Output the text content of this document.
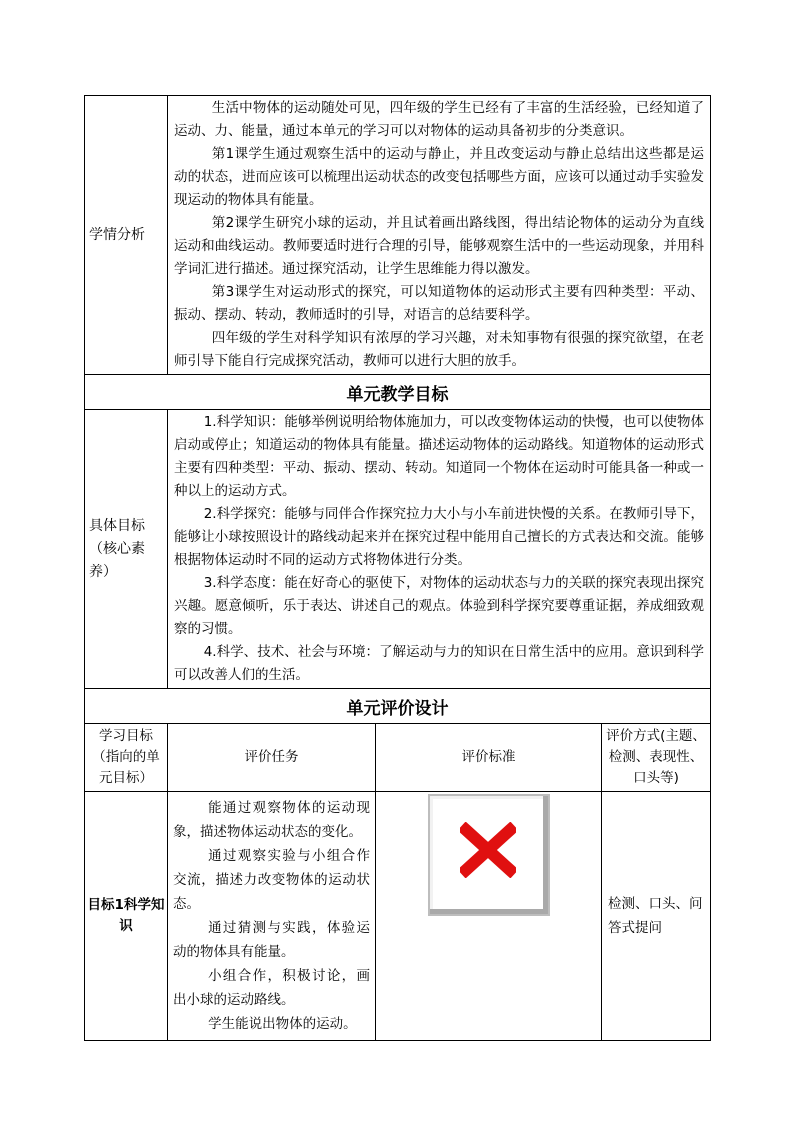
学情分析	生活中物体的运动随处可见，四年级的学生已经有了丰富的生活经验，已经知道了运动、力、能量，通过本单元的学习可以对物体的运动具备初步的分类意识。

第1课学生通过观察生活中的运动与静止，并且改变运动与静止总结出这些都是运动的状态，进而应该可以梳理出运动状态的改变包括哪些方面，应该可以通过动手实验发现运动的物体具有能量。

第2课学生研究小球的运动，并且试着画出路线图，得出结论物体的运动分为直线运动和曲线运动。教师要适时进行合理的引导，能够观察生活中的一些运动现象，并用科学词汇进行描述。通过探究活动，让学生思维能力得以激发。

第3课学生对运动形式的探究，可以知道物体的运动形式主要有四种类型：平动、振动、摆动、转动，教师适时的引导，对语言的总结要科学。

四年级的学生对科学知识有浓厚的学习兴趣，对未知事物有很强的探究欲望，在老师引导下能自行完成探究活动，教师可以进行大胆的放手。		

单元教学目标			
具体目标（核心素养）	1.科学知识：能够举例说明给物体施加力，可以改变物体运动的快慢，也可以使物体启动或停止；知道运动的物体具有能量。描述运动物体的运动路线。知道物体的运动形式主要有四种类型：平动、振动、摆动、转动。知道同一个物体在运动时可能具备一种或一种以上的运动方式。

2.科学探究：能够与同伴合作探究拉力大小与小车前进快慢的关系。在教师引导下，能够让小球按照设计的路线动起来并在探究过程中能用自己擅长的方式表达和交流。能够根据物体运动时不同的运动方式将物体进行分类。

3.科学态度：能在好奇心的驱使下，对物体的运动状态与力的关联的探究表现出探究兴趣。愿意倾听，乐于表达、讲述自己的观点。体验到科学探究要尊重证据，养成细致观察的习惯。

4.科学、技术、社会与环境：了解运动与力的知识在日常生活中的应用。意识到科学可以改善人们的生活。		

单元评价设计			
学习目标（指向的单元目标）	评价任务	评价标准	评价方式(主题、检测、表现性、口头等)
目标1科学知识	能通过观察物体的运动现象，描述物体运动状态的变化。

通过观察实验与小组合作交流，描述力改变物体的运动状态。

通过猜测与实践，体验运动的物体具有能量。

小组合作，积极讨论，画出小球的运动路线。

学生能说出物体的运动。		检测、口头、问答式提问
